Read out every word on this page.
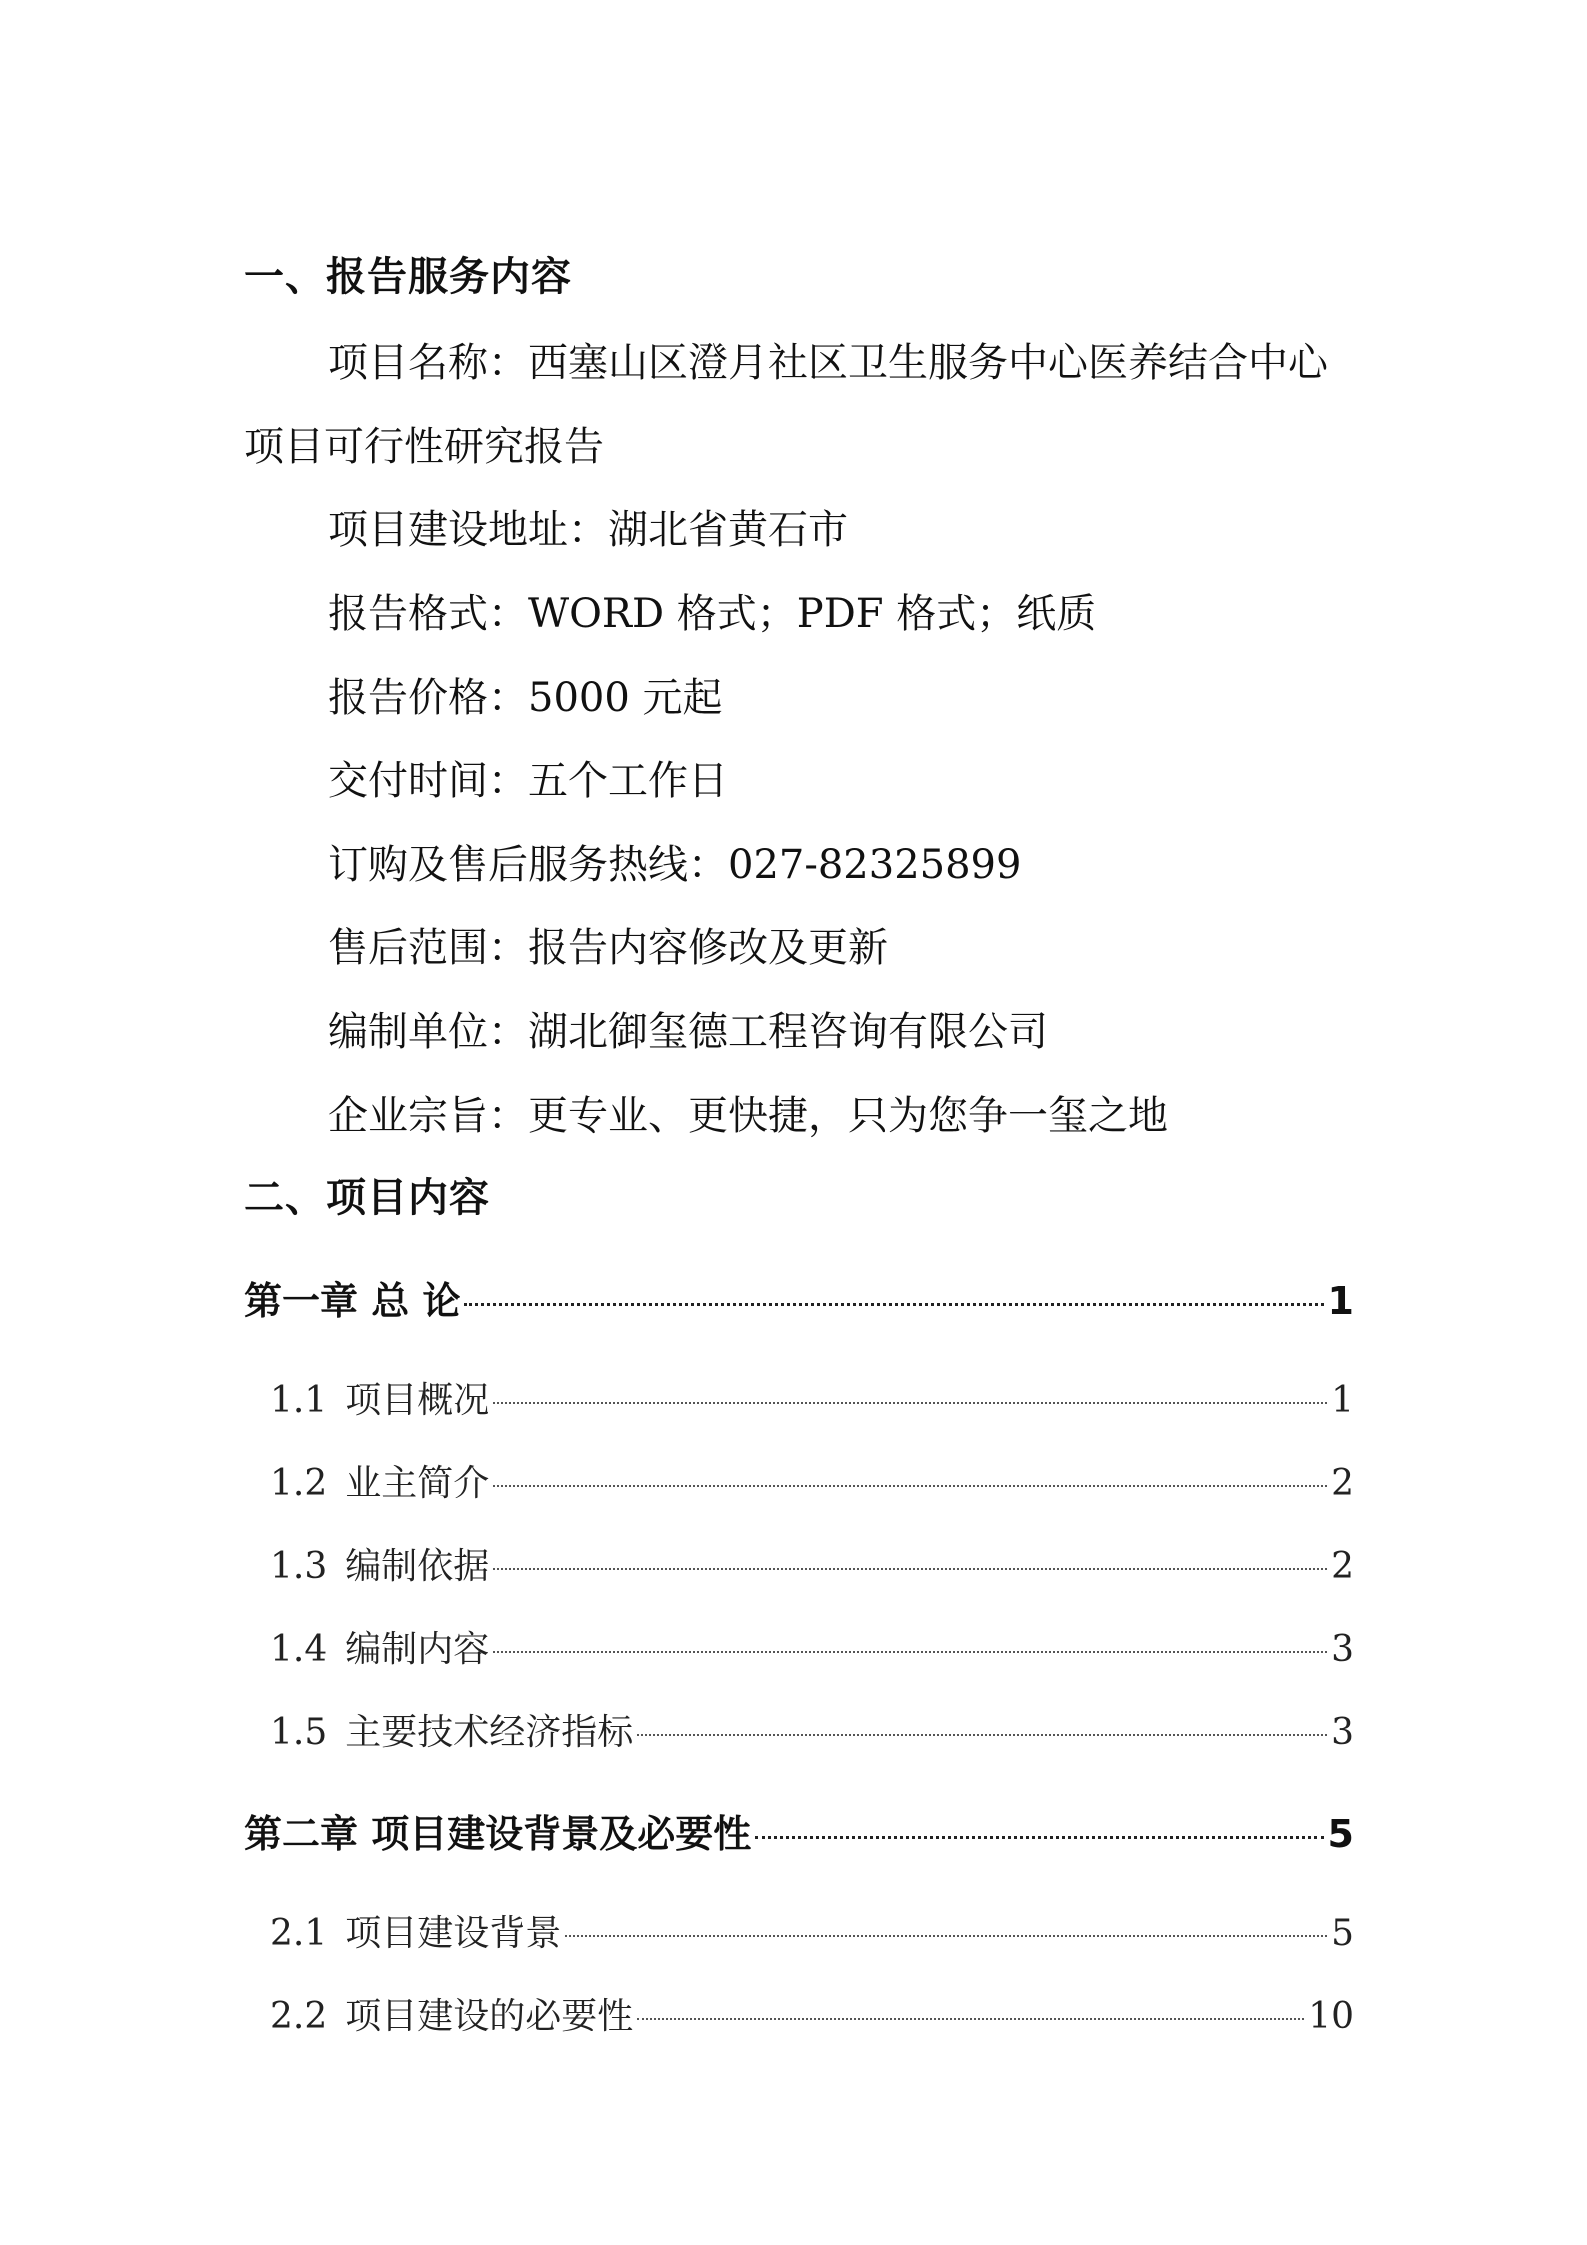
一、报告服务内容

项目名称：西塞山区澄月社区卫生服务中心医养结合中心项目可行性研究报告

项目建设地址：湖北省黄石市

报告格式：WORD 格式；PDF 格式；纸质

报告价格：5000 元起

交付时间：五个工作日

订购及售后服务热线：027-82325899

售后范围：报告内容修改及更新

编制单位：湖北御玺德工程咨询有限公司

企业宗旨：更专业、更快捷，只为您争一玺之地

二、项目内容
第一章 总 论	1
1.1 项目概况	1
1.2 业主简介	2
1.3 编制依据	2
1.4 编制内容	3
1.5 主要技术经济指标	3
第二章 项目建设背景及必要性	5
2.1 项目建设背景	5
2.2 项目建设的必要性	10
